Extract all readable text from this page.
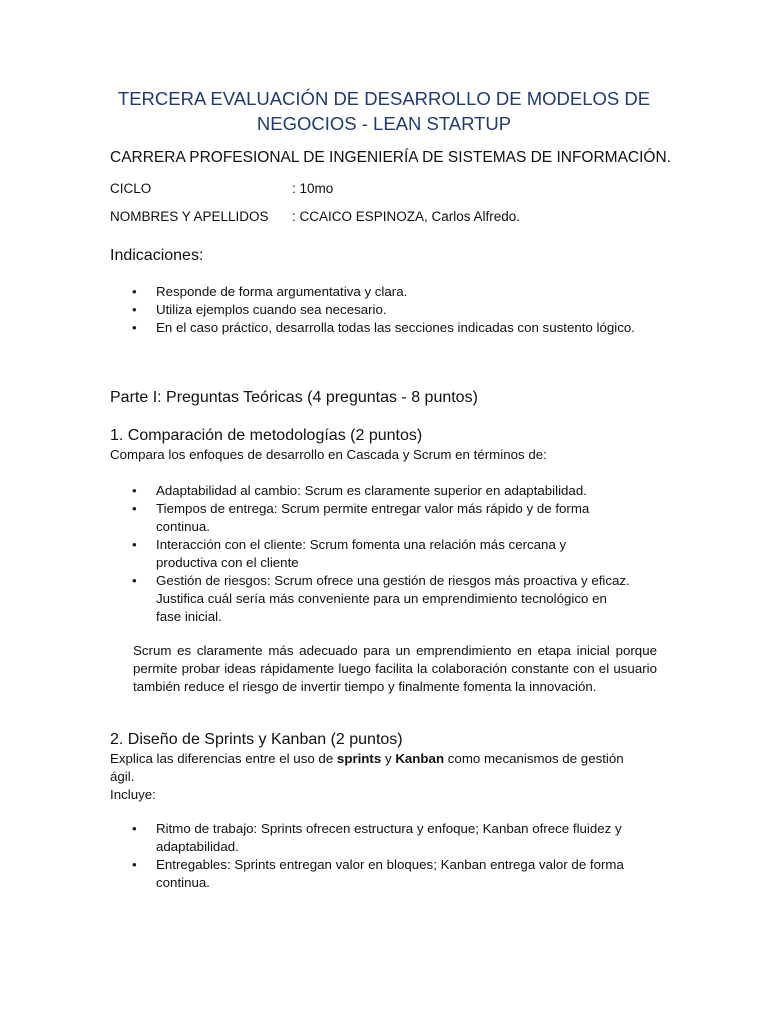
TERCERA EVALUACIÓN DE DESARROLLO DE MODELOS DE
NEGOCIOS - LEAN STARTUP
CARRERA PROFESIONAL DE INGENIERÍA DE SISTEMAS DE INFORMACIÓN.
CICLO	: 10mo
NOMBRES Y APELLIDOS : CCAICO ESPINOZA, Carlos Alfredo.
Indicaciones:
• Responde de forma argumentativa y clara.
• Utiliza ejemplos cuando sea necesario.
• En el caso práctico, desarrolla todas las secciones indicadas con sustento lógico.
Parte I: Preguntas Teóricas (4 preguntas - 8 puntos)
1. Comparación de metodologías (2 puntos)
Compara los enfoques de desarrollo en Cascada y Scrum en términos de:
• Adaptabilidad al cambio: Scrum es claramente superior en adaptabilidad.
• Tiempos de entrega: Scrum permite entregar valor más rápido y de forma
continua.
• Interacción con el cliente: Scrum fomenta una relación más cercana y
productiva con el cliente
• Gestión de riesgos: Scrum ofrece una gestión de riesgos más proactiva y eficaz.
Justifica cuál sería más conveniente para un emprendimiento tecnológico en
fase inicial.
Scrum es claramente más adecuado para un emprendimiento en etapa inicial porque permite probar ideas rápidamente luego facilita la colaboración constante con el usuario también reduce el riesgo de invertir tiempo y finalmente fomenta la innovación.
2. Diseño de Sprints y Kanban (2 puntos)
Explica las diferencias entre el uso de sprints y Kanban como mecanismos de gestión
ágil.
Incluye:
• Ritmo de trabajo: Sprints ofrecen estructura y enfoque; Kanban ofrece fluidez y
adaptabilidad.
• Entregables: Sprints entregan valor en bloques; Kanban entrega valor de forma
continua.
